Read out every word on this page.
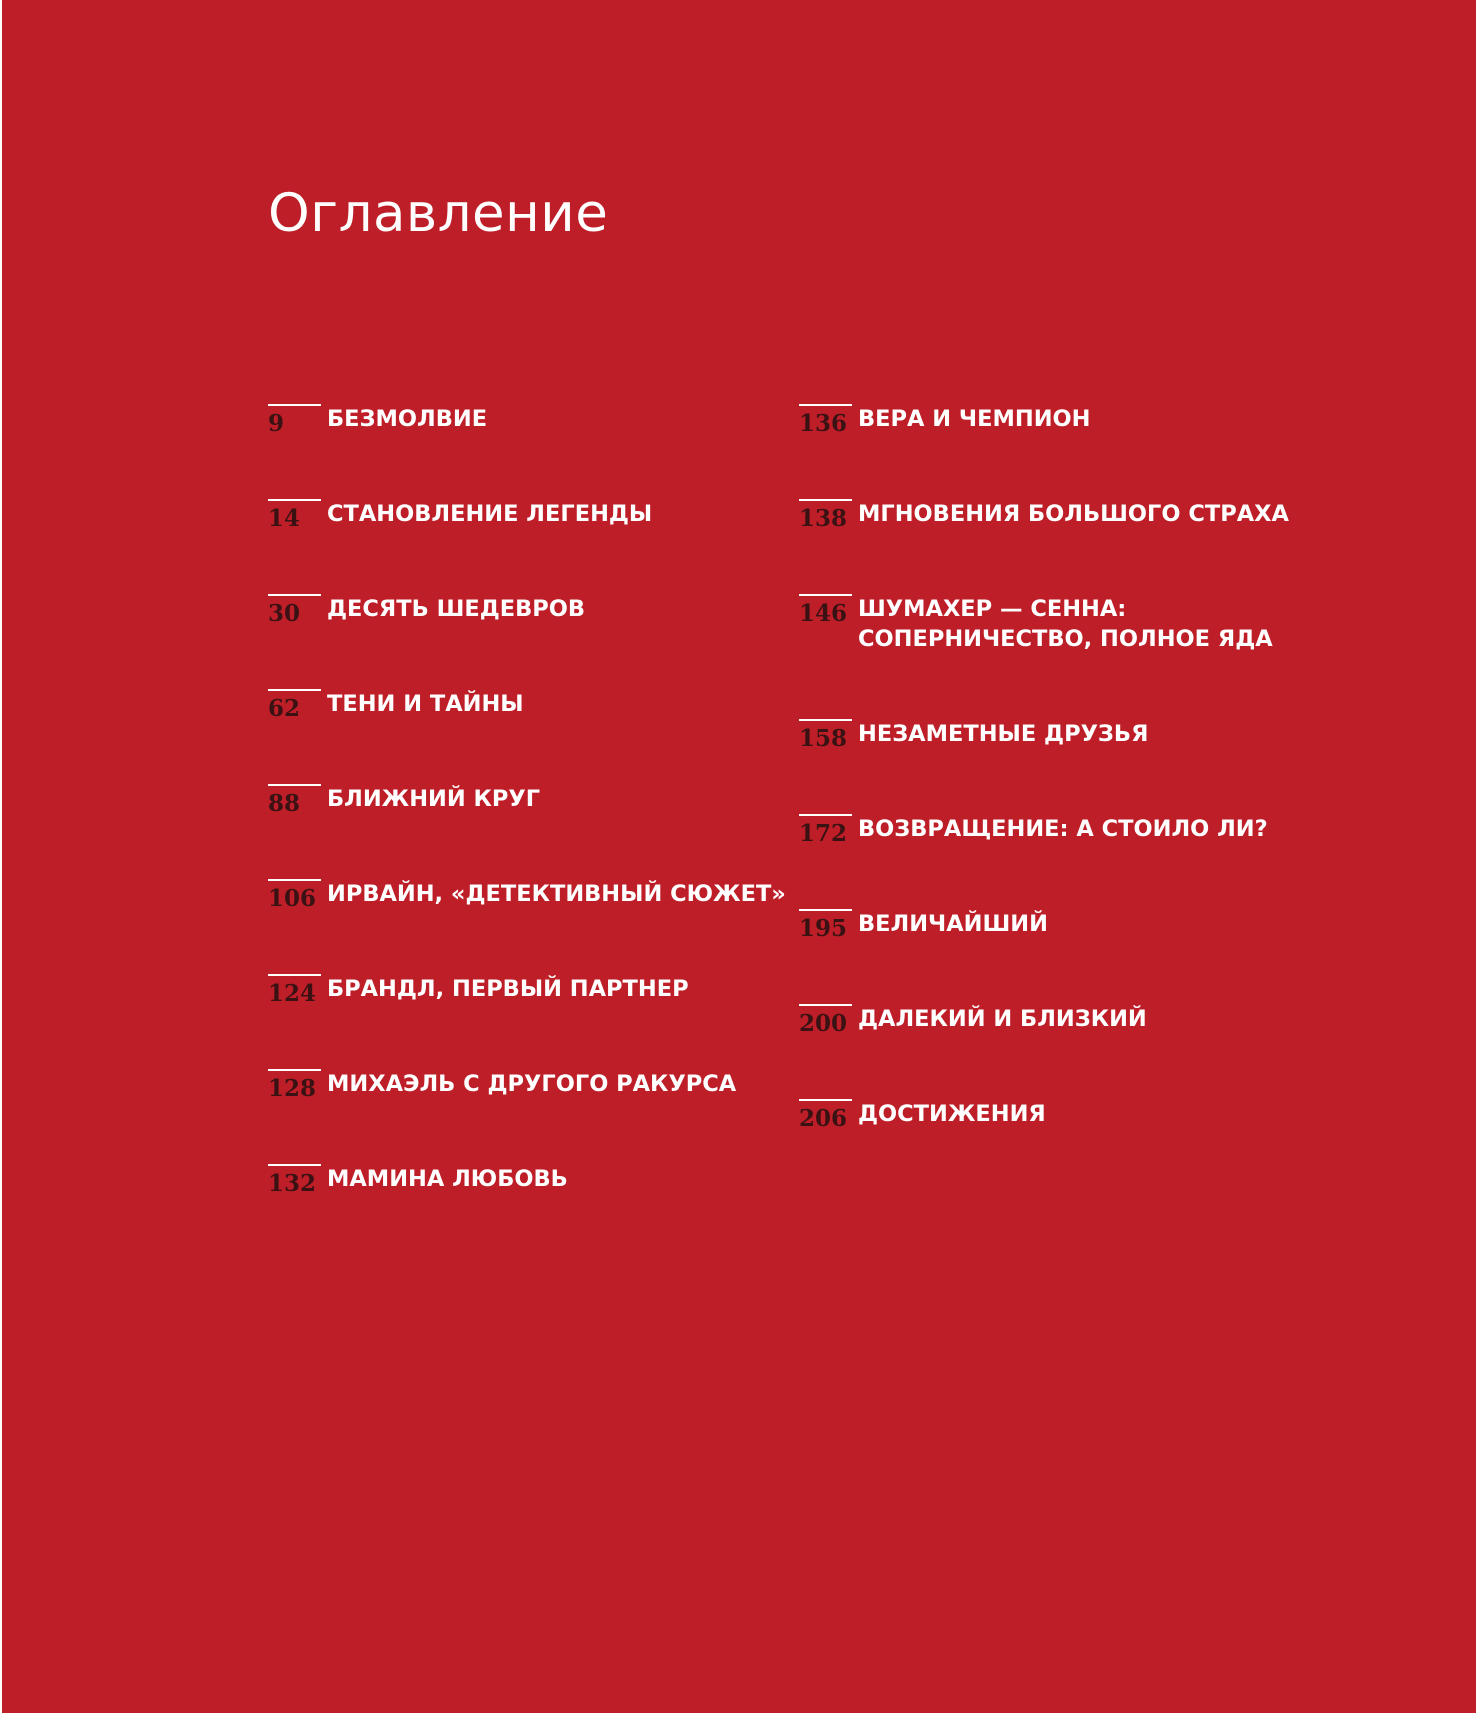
Оглавление
9 БЕЗМОЛВИЕ
14 СТАНОВЛЕНИЕ ЛЕГЕНДЫ
30 ДЕСЯТЬ ШЕДЕВРОВ
62 ТЕНИ И ТАЙНЫ
88 БЛИЖНИЙ КРУГ
106 ИРВАЙН, «ДЕТЕКТИВНЫЙ СЮЖЕТ»
124 БРАНДЛ, ПЕРВЫЙ ПАРТНЕР
128 МИХАЭЛЬ С ДРУГОГО РАКУРСА
132 МАМИНА ЛЮБОВЬ
136 ВЕРА И ЧЕМПИОН
138 МГНОВЕНИЯ БОЛЬШОГО СТРАХА
146 ШУМАХЕР — СЕННА:
СОПЕРНИЧЕСТВО, ПОЛНОЕ ЯДА
158 НЕЗАМЕТНЫЕ ДРУЗЬЯ
172 ВОЗВРАЩЕНИЕ: А СТОИЛО ЛИ?
195 ВЕЛИЧАЙШИЙ
200 ДАЛЕКИЙ И БЛИЗКИЙ
206 ДОСТИЖЕНИЯ
